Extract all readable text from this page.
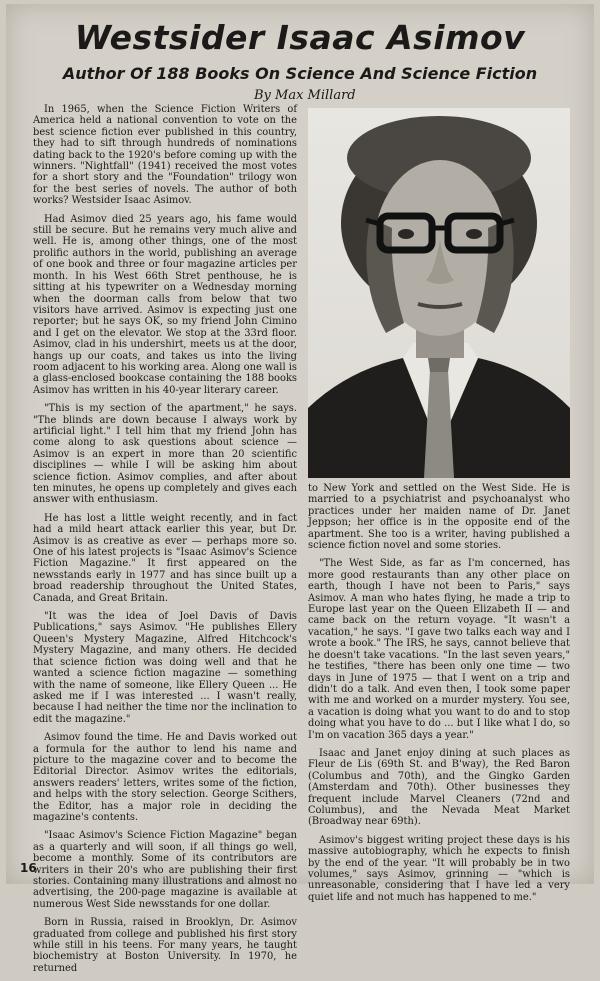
Westsider Isaac Asimov
Author Of 188 Books On Science And Science Fiction
By Max Millard

In 1965, when the Science Fiction Writers of America held a national convention to vote on the best science fiction ever published in this country, they had to sift through hundreds of nominations dating back to the 1920's before coming up with the winners. "Nightfall" (1941) received the most votes for a short story and the "Foundation" trilogy won for the best series of novels. The author of both works? Westsider Isaac Asimov.

Had Asimov died 25 years ago, his fame would still be secure. But he remains very much alive and well. He is, among other things, one of the most prolific authors in the world, publishing an average of one book and three or four magazine articles per month. In his West 66th Stret penthouse, he is sitting at his typewriter on a Wednesday morning when the doorman calls from below that two visitors have arrived. Asimov is expecting just one reporter; but he says OK, so my friend John Cimino and I get on the elevator. We stop at the 33rd floor. Asimov, clad in his undershirt, meets us at the door, hangs up our coats, and takes us into the living room adjacent to his working area. Along one wall is a glass-enclosed bookcase containing the 188 books Asimov has written in his 40-year literary career.

"This is my section of the apartment," he says. "The blinds are down because I always work by artificial light." I tell him that my friend John has come along to ask questions about science — Asimov is an expert in more than 20 scientific disciplines — while I will be asking him about science fiction. Asimov complies, and after about ten minutes, he opens up completely and gives each answer with enthusiasm.

He has lost a little weight recently, and in fact had a mild heart attack earlier this year, but Dr. Asimov is as creative as ever — perhaps more so. One of his latest projects is "Isaac Asimov's Science Fiction Magazine." It first appeared on the newsstands early in 1977 and has since built up a broad readership throughout the United States, Canada, and Great Britain.

"It was the idea of Joel Davis of Davis Publications," says Asimov. "He publishes Ellery Queen's Mystery Magazine, Alfred Hitchcock's Mystery Magazine, and many others. He decided that science fiction was doing well and that he wanted a science fiction magazine — something with the name of someone, like Ellery Queen ... He asked me if I was interested ... I wasn't really, because I had neither the time nor the inclination to edit the magazine."

Asimov found the time. He and Davis worked out a formula for the author to lend his name and picture to the magazine cover and to become the Editorial Director. Asimov writes the editorials, answers readers' letters, writes some of the fiction, and helps with the story selection. George Scithers, the Editor, has a major role in deciding the magazine's contents.

"Isaac Asimov's Science Fiction Magazine" began as a quarterly and will soon, if all things go well, become a monthly. Some of its contributors are writers in their 20's who are publishing their first stories. Containing many illustrations and almost no advertising, the 200-page magazine is available at numerous West Side newsstands for one dollar.

Born in Russia, raised in Brooklyn, Dr. Asimov graduated from college and published his first story while still in his teens. For many years, he taught biochemistry at Boston University. In 1970, he returned

to New York and settled on the West Side. He is married to a psychiatrist and psychoanalyst who practices under her maiden name of Dr. Janet Jeppson; her office is in the opposite end of the apartment. She too is a writer, having published a science fiction novel and some stories.

"The West Side, as far as I'm concerned, has more good restaurants than any other place on earth, though I have not been to Paris," says Asimov. A man who hates flying, he made a trip to Europe last year on the Queen Elizabeth II — and came back on the return voyage. "It wasn't a vacation," he says. "I gave two talks each way and I wrote a book." The IRS, he says, cannot believe that he doesn't take vacations. "In the last seven years," he testifies, "there has been only one time — two days in June of 1975 — that I went on a trip and didn't do a talk. And even then, I took some paper with me and worked on a murder mystery. You see, a vacation is doing what you want to do and to stop doing what you have to do ... but I like what I do, so I'm on vacation 365 days a year."

Isaac and Janet enjoy dining at such places as Fleur de Lis (69th St. and B'way), the Red Baron (Columbus and 70th), and the Gingko Garden (Amsterdam and 70th). Other businesses they frequent include Marvel Cleaners (72nd and Columbus), and the Nevada Meat Market (Broadway near 69th).

Asimov's biggest writing project these days is his massive autobiography, which he expects to finish by the end of the year. "It will probably be in two volumes," says Asimov, grinning — "which is unreasonable, considering that I have led a very quiet life and not much has happened to me."

16
